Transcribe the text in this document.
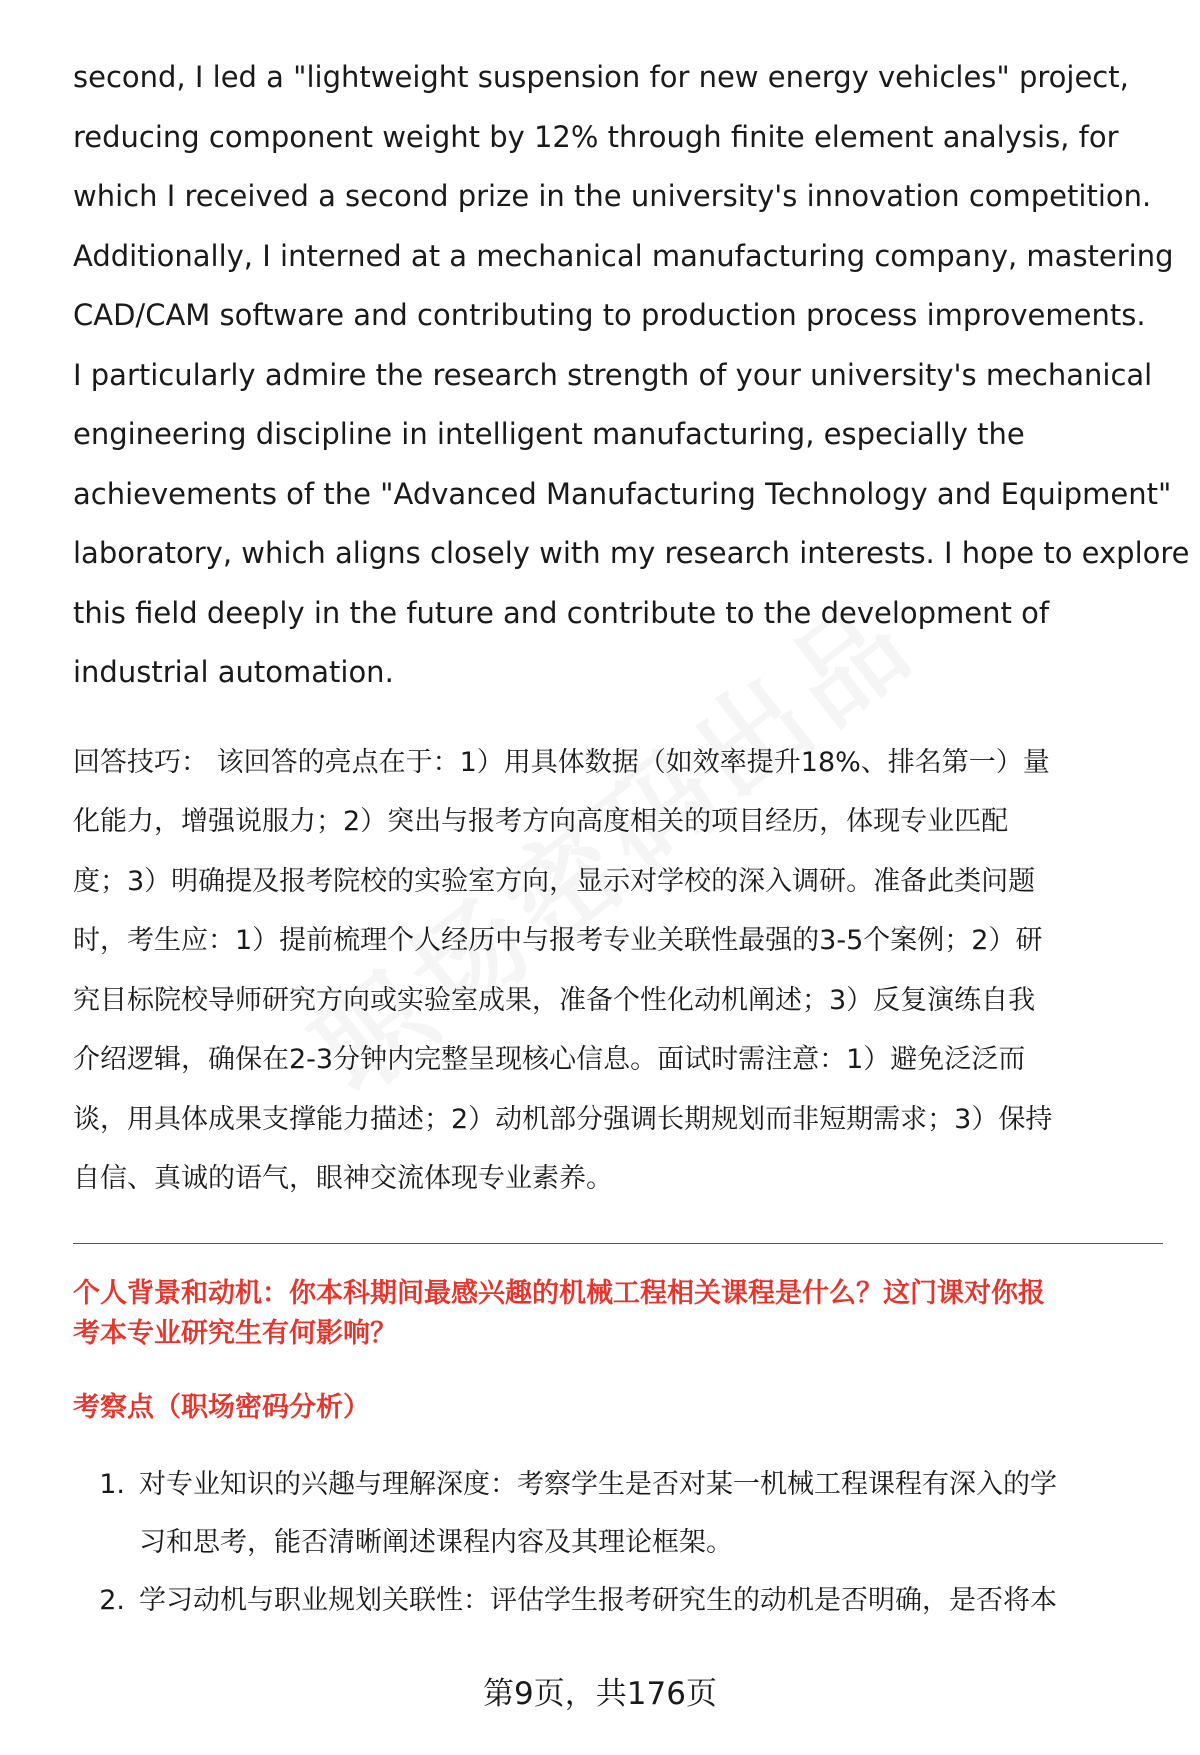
second, I led a "lightweight suspension for new energy vehicles" project,

reducing component weight by 12% through finite element analysis, for

which I received a second prize in the university's innovation competition.

Additionally, I interned at a mechanical manufacturing company, mastering

CAD/CAM software and contributing to production process improvements.

I particularly admire the research strength of your university's mechanical

engineering discipline in intelligent manufacturing, especially the

achievements of the "Advanced Manufacturing Technology and Equipment"

laboratory, which aligns closely with my research interests. I hope to explore

this field deeply in the future and contribute to the development of

industrial automation.

回答技巧： 该回答的亮点在于：1）用具体数据（如效率提升18%、排名第一）量

化能力，增强说服力；2）突出与报考方向高度相关的项目经历，体现专业匹配

度；3）明确提及报考院校的实验室方向，显示对学校的深入调研。准备此类问题

时，考生应：1）提前梳理个人经历中与报考专业关联性最强的3-5个案例；2）研

究目标院校导师研究方向或实验室成果，准备个性化动机阐述；3）反复演练自我

介绍逻辑，确保在2-3分钟内完整呈现核心信息。面试时需注意：1）避免泛泛而

谈，用具体成果支撑能力描述；2）动机部分强调长期规划而非短期需求；3）保持

自信、真诚的语气，眼神交流体现专业素养。

个人背景和动机：你本科期间最感兴趣的机械工程相关课程是什么？这门课对你报

考本专业研究生有何影响？

考察点（职场密码分析）
1. 对专业知识的兴趣与理解深度：考察学生是否对某一机械工程课程有深入的学

习和思考，能否清晰阐述课程内容及其理论框架。

2. 学习动机与职业规划关联性：评估学生报考研究生的动机是否明确，是否将本

第9页，共176页
